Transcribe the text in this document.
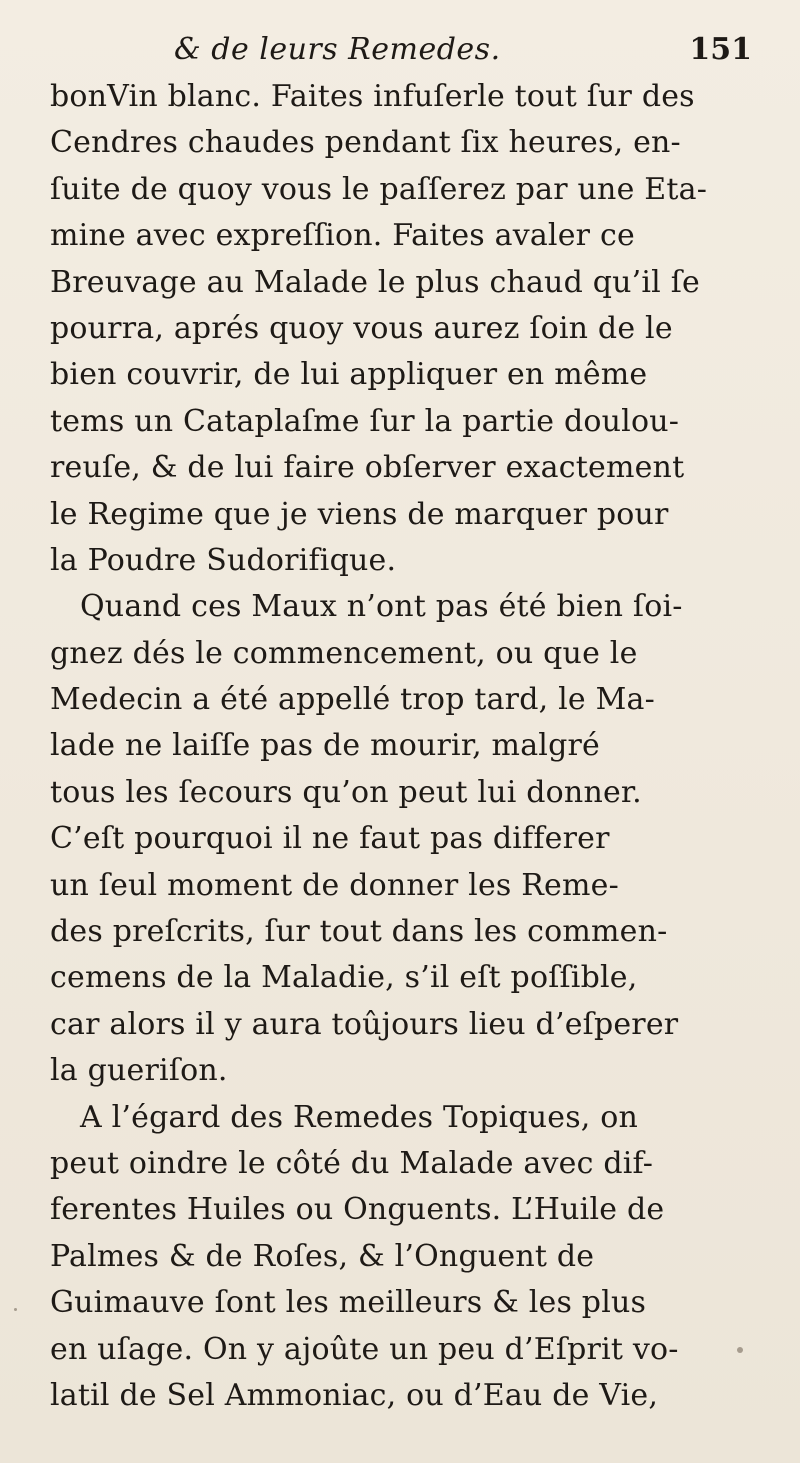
& de leurs Remedes.	151
bonVin blanc. Faites infuſerle tout ſur des
Cendres chaudes pendant ſix heures, en-
ſuite de quoy vous le paſſerez par une Eta-
mine avec expreſſion. Faites avaler ce
Breuvage au Malade le plus chaud qu’il ſe
pourra, aprés quoy vous aurez ſoin de le
bien couvrir, de lui appliquer en même
tems un Cataplaſme ſur la partie doulou-
reuſe, & de lui faire obſerver exactement
le Regime que je viens de marquer pour
la Poudre Sudorifique.
Quand ces Maux n’ont pas été bien ſoi-
gnez dés le commencement, ou que le
Medecin a été appellé trop tard, le Ma-
lade ne laiſſe pas de mourir, malgré
tous les ſecours qu’on peut lui donner.
C’eſt pourquoi il ne faut pas differer
un ſeul moment de donner les Reme-
des preſcrits, ſur tout dans les commen-
cemens de la Maladie, s’il eſt poſſible,
car alors il y aura toûjours lieu d’eſperer
la gueriſon.
A l’égard des Remedes Topiques, on
peut oindre le côté du Malade avec dif-
ferentes Huiles ou Onguents. L’Huile de
Palmes & de Roſes, & l’Onguent de
Guimauve ſont les meilleurs & les plus
en uſage. On y ajoûte un peu d’Eſprit vo-
latil de Sel Ammoniac, ou d’Eau de Vie,
